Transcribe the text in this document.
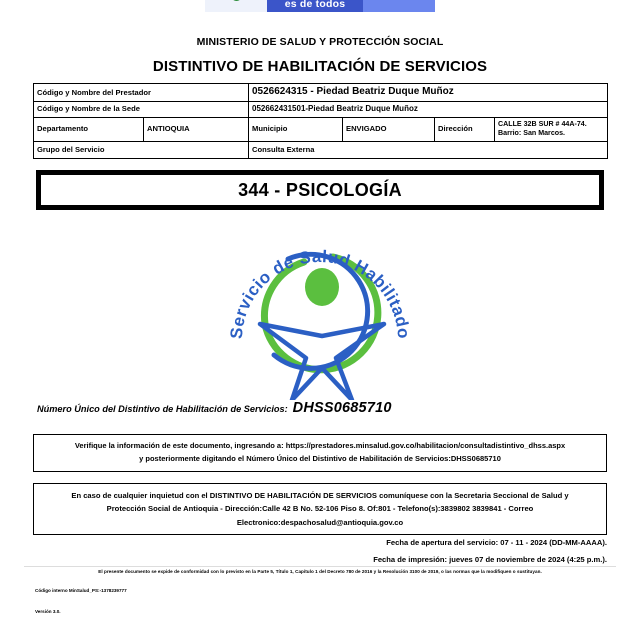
es de todos
MINISTERIO DE SALUD Y PROTECCIÓN SOCIAL
DISTINTIVO DE HABILITACIÓN DE SERVICIOS
Código y Nombre del Prestador		0526624315 - Piedad Beatriz Duque Muñoz			
Código y Nombre de la Sede		052662431501-Piedad Beatriz Duque Muñoz			
Departamento	ANTIOQUIA	Municipio	ENVIGADO	Dirección	CALLE 32B SUR # 44A-74.
Barrio: San Marcos.

Grupo del Servicio		Consulta Externa			
344 - PSICOLOGÍA
Servicio de Salud Habilitado
Número Único del Distintivo de Habilitación de Servicios: DHSS0685710
Verifique la información de este documento, ingresando a: https://prestadores.minsalud.gov.co/habilitacion/consultadistintivo_dhss.aspx
y posteriormente digitando el Número Único del Distintivo de Habilitación de Servicios:DHSS0685710
En caso de cualquier inquietud con el DISTINTIVO DE HABILITACIÓN DE SERVICIOS comuníquese con la Secretaria Seccional de Salud y
Protección Social de Antioquia - Dirección:Calle 42 B No. 52-106 Piso 8. Of:801 - Telefono(s):3839802 3839841 - Correo
Electronico:despachosalud@antioquia.gov.co
Fecha de apertura del servicio: 07 - 11 - 2024 (DD-MM-AAAA).
Fecha de impresión: jueves 07 de noviembre de 2024 (4:25 p.m.).
El presente documento se expide de conformidad con lo previsto en la Parte 5, Título 1, Capítulo 1 del Decreto 780 de 2016 y la Resolución 3100 de 2019, o las normas que la modifiquen o sustituyan.
Código interno MinSalud_PS:-1378239777
Versión 3.0.
